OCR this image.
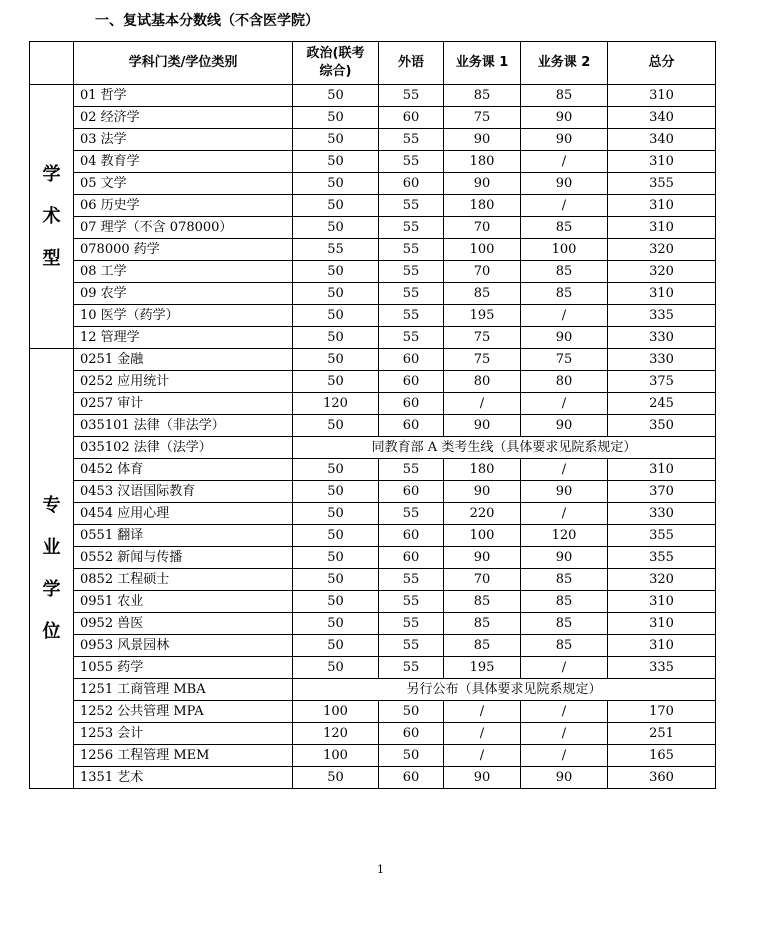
一、复试基本分数线（不含医学院）
	学科门类/学位类别	政治(联考
综合)	外语	业务课 1	业务课 2	总分

学
术
型	01 哲学	50	55	85	85	310
	02 经济学	50	60	75	90	340
	03 法学	50	55	90	90	340
	04 教育学	50	55	180	/	310
	05 文学	50	60	90	90	355
	06 历史学	50	55	180	/	310
	07 理学（不含 078000）	50	55	70	85	310
	078000 药学	55	55	100	100	320
	08 工学	50	55	70	85	320
	09 农学	50	55	85	85	310
	10 医学（药学）	50	55	195	/	335
	12 管理学	50	55	75	90	330

专
业
学
位	0251 金融	50	60	75	75	330
	0252 应用统计	50	60	80	80	375
	0257 审计	120	60	/	/	245
	035101 法律（非法学）	50	60	90	90	350
	035102 法律（法学）	同教育部 A 类考生线（具体要求见院系规定）				
	0452 体育	50	55	180	/	310
	0453 汉语国际教育	50	60	90	90	370
	0454 应用心理	50	55	220	/	330
	0551 翻译	50	60	100	120	355
	0552 新闻与传播	50	60	90	90	355
	0852 工程硕士	50	55	70	85	320
	0951 农业	50	55	85	85	310
	0952 兽医	50	55	85	85	310
	0953 风景园林	50	55	85	85	310
	1055 药学	50	55	195	/	335
	1251 工商管理 MBA	另行公布（具体要求见院系规定）				
	1252 公共管理 MPA	100	50	/	/	170
	1253 会计	120	60	/	/	251
	1256 工程管理 MEM	100	50	/	/	165
	1351 艺术	50	60	90	90	360
1
